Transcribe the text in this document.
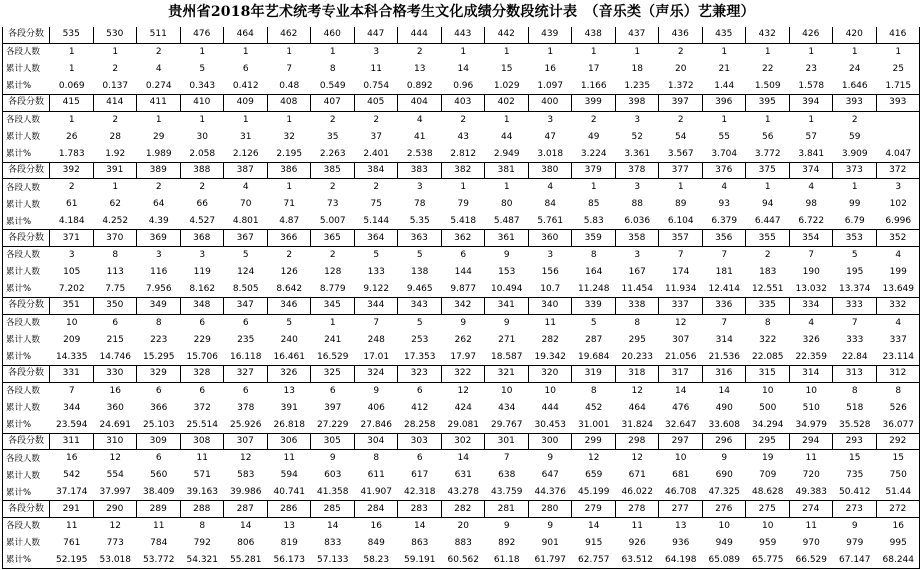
贵州省2018年艺术统考专业本科合格考生文化成绩分数段统计表　（音乐类（声乐）艺兼理）
各段分数	535	530	511	476	464	462	460	447	444	443	442	439	438	437	436	435	432	426	420	416
各段人数	1	1	2	1	1	1	1	3	2	1	1	1	1	1	2	1	1	1	1	1
累计人数	1	2	4	5	6	7	8	11	13	14	15	16	17	18	20	21	22	23	24	25
累计%	0.069	0.137	0.274	0.343	0.412	0.48	0.549	0.754	0.892	0.96	1.029	1.097	1.166	1.235	1.372	1.44	1.509	1.578	1.646	1.715
各段分数	415	414	411	410	409	408	407	405	404	403	402	400	399	398	397	396	395	394	393	393
各段人数	1	2	1	1	1	1	2	2	4	2	1	3	2	3	2	1	1	1	2
累计人数	26	28	29	30	31	32	35	37	41	43	44	47	49	52	54	55	56	57	59
累计%	1.783	1.92	1.989	2.058	2.126	2.195	2.263	2.401	2.538	2.812	2.949	3.018	3.224	3.361	3.567	3.704	3.772	3.841	3.909	4.047
各段分数	392	391	389	388	387	386	385	384	383	382	381	380	379	378	377	376	375	374	373	372
各段人数	2	1	2	2	4	1	2	2	3	1	1	4	1	3	1	4	1	4	1	3
累计人数	61	62	64	66	70	71	73	75	78	79	80	84	85	88	89	93	94	98	99	102
累计%	4.184	4.252	4.39	4.527	4.801	4.87	5.007	5.144	5.35	5.418	5.487	5.761	5.83	6.036	6.104	6.379	6.447	6.722	6.79	6.996
各段分数	371	370	369	368	367	366	365	364	363	362	361	360	359	358	357	356	355	354	353	352
各段人数	3	8	3	3	5	2	2	5	5	6	9	3	8	3	7	7	2	7	5	4
累计人数	105	113	116	119	124	126	128	133	138	144	153	156	164	167	174	181	183	190	195	199
累计%	7.202	7.75	7.956	8.162	8.505	8.642	8.779	9.122	9.465	9.877	10.494	10.7	11.248	11.454	11.934	12.414	12.551	13.032	13.374	13.649
各段分数	351	350	349	348	347	346	345	344	343	342	341	340	339	338	337	336	335	334	333	332
各段人数	10	6	8	6	6	5	1	7	5	9	9	11	5	8	12	7	8	4	7	4
累计人数	209	215	223	229	235	240	241	248	253	262	271	282	287	295	307	314	322	326	333	337
累计%	14.335	14.746	15.295	15.706	16.118	16.461	16.529	17.01	17.353	17.97	18.587	19.342	19.684	20.233	21.056	21.536	22.085	22.359	22.84	23.114
各段分数	331	330	329	328	327	326	325	324	323	322	321	320	319	318	317	316	315	314	313	312
各段人数	7	16	6	6	6	13	6	9	6	12	10	10	8	12	14	14	10	10	8	8
累计人数	344	360	366	372	378	391	397	406	412	424	434	444	452	464	476	490	500	510	518	526
累计%	23.594	24.691	25.103	25.514	25.926	26.818	27.229	27.846	28.258	29.081	29.767	30.453	31.001	31.824	32.647	33.608	34.294	34.979	35.528	36.077
各段分数	311	310	309	308	307	306	305	304	303	302	301	300	299	298	297	296	295	294	293	292
各段人数	16	12	6	11	12	11	9	8	6	14	7	9	12	12	10	9	19	11	15	15
累计人数	542	554	560	571	583	594	603	611	617	631	638	647	659	671	681	690	709	720	735	750
累计%	37.174	37.997	38.409	39.163	39.986	40.741	41.358	41.907	42.318	43.278	43.759	44.376	45.199	46.022	46.708	47.325	48.628	49.383	50.412	51.44
各段分数	291	290	289	288	287	286	285	284	283	282	281	280	279	278	277	276	275	274	273	272
各段人数	11	12	11	8	14	13	14	16	14	20	9	9	14	11	13	10	10	11	9	16
累计人数	761	773	784	792	806	819	833	849	863	883	892	901	915	926	936	949	959	970	979	995
累计%	52.195	53.018	53.772	54.321	55.281	56.173	57.133	58.23	59.191	60.562	61.18	61.797	62.757	63.512	64.198	65.089	65.775	66.529	67.147	68.244
